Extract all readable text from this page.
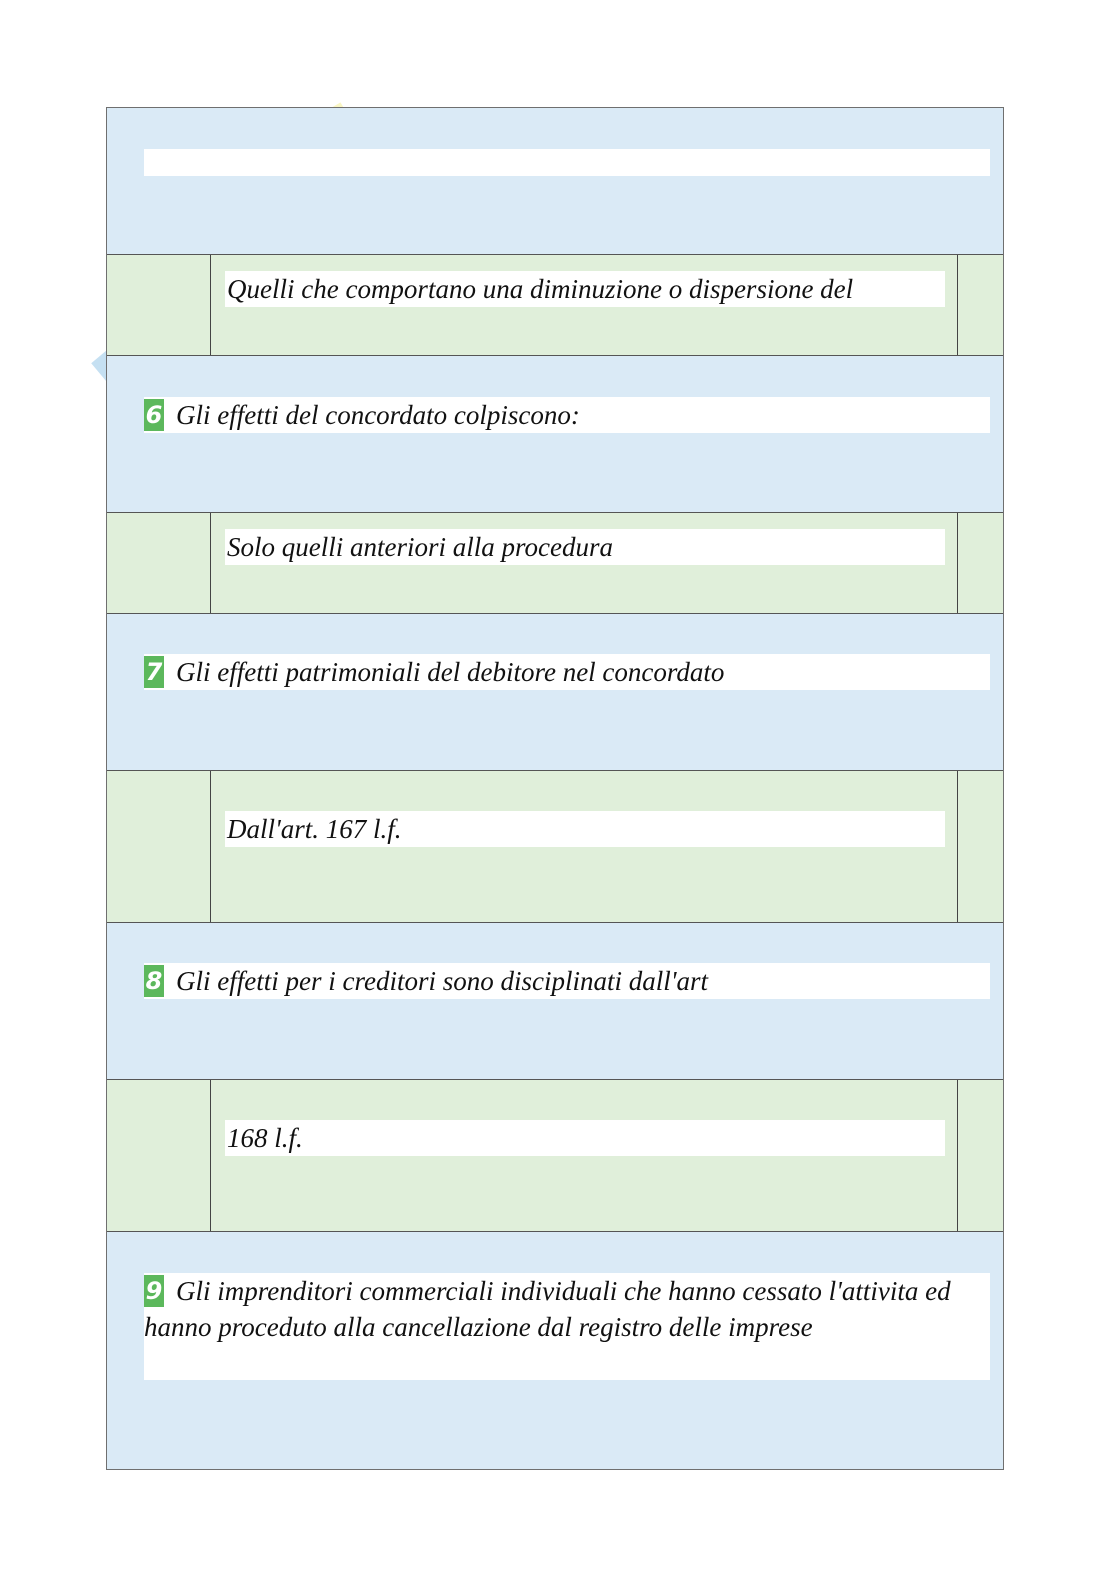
Quelli che comportano una diminuzione o dispersione del
6 Gli effetti del concordato colpiscono:
Solo quelli anteriori alla procedura
7 Gli effetti patrimoniali del debitore nel concordato
Dall'art. 167 l.f.
8 Gli effetti per i creditori sono disciplinati dall'art
168 l.f.
9 Gli imprenditori commerciali individuali che hanno cessato l'attivita ed hanno proceduto alla cancellazione dal registro delle imprese
